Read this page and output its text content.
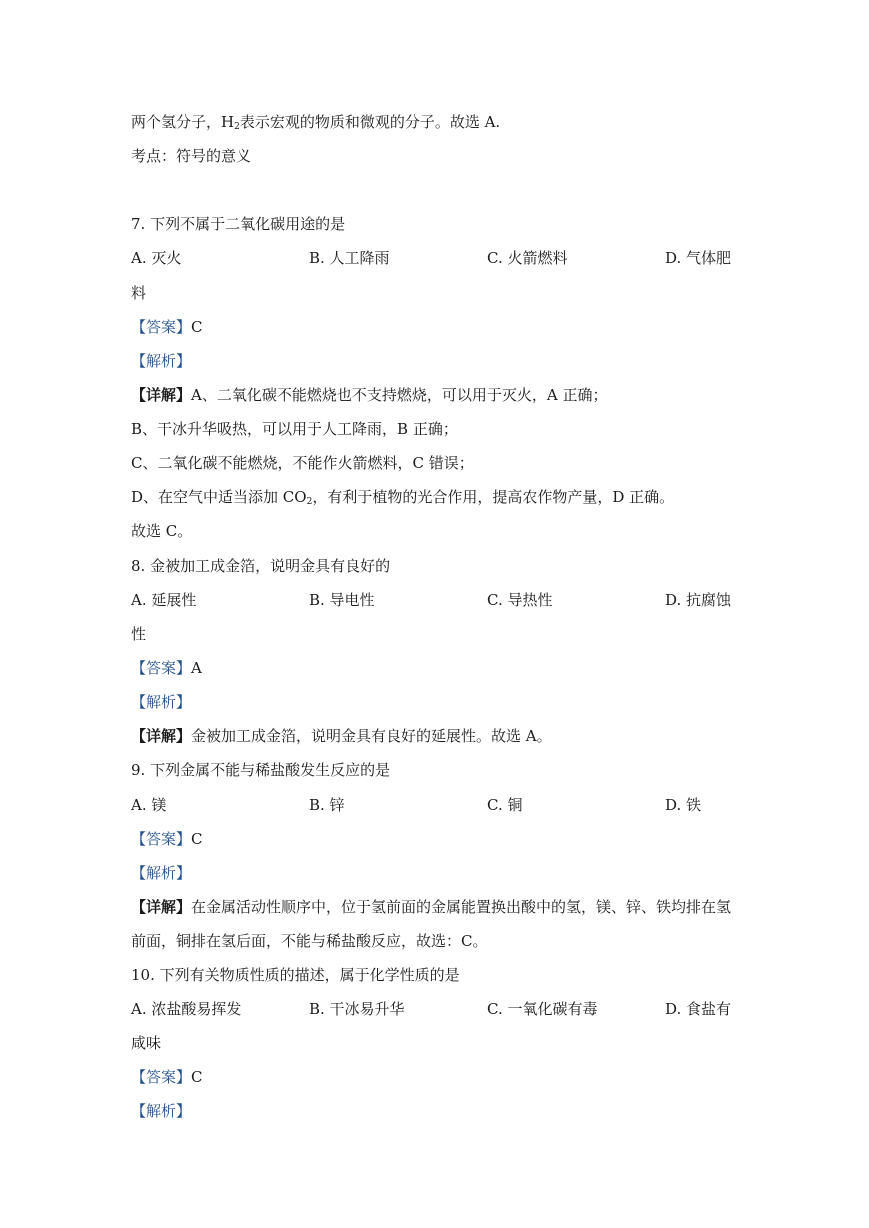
两个氢分子，$H_2$表示宏观的物质和微观的分子。故选 A.
考点：符号的意义
7. 下列不属于二氧化碳用途的是
A. 灭火	B. 人工降雨	C. 火箭燃料	D. 气体肥
料
【答案】C
【解析】
【详解】A、二氧化碳不能燃烧也不支持燃烧，可以用于灭火，A 正确；
B、干冰升华吸热，可以用于人工降雨，B 正确；
C、二氧化碳不能燃烧，不能作火箭燃料，C 错误；
D、在空气中适当添加 $CO_2$，有利于植物的光合作用，提高农作物产量，D 正确。
故选 C。
8. 金被加工成金箔，说明金具有良好的
A. 延展性	B. 导电性	C. 导热性	D. 抗腐蚀
性
【答案】A
【解析】
【详解】金被加工成金箔，说明金具有良好的延展性。故选 A。
9. 下列金属不能与稀盐酸发生反应的是
A. 镁	B. 锌	C. 铜	D. 铁
【答案】C
【解析】
【详解】在金属活动性顺序中，位于氢前面的金属能置换出酸中的氢，镁、锌、铁均排在氢
前面，铜排在氢后面，不能与稀盐酸反应，故选：C。
10. 下列有关物质性质的描述，属于化学性质的是
A. 浓盐酸易挥发	B. 干冰易升华	C. 一氧化碳有毒	D. 食盐有
咸味
【答案】C
【解析】
